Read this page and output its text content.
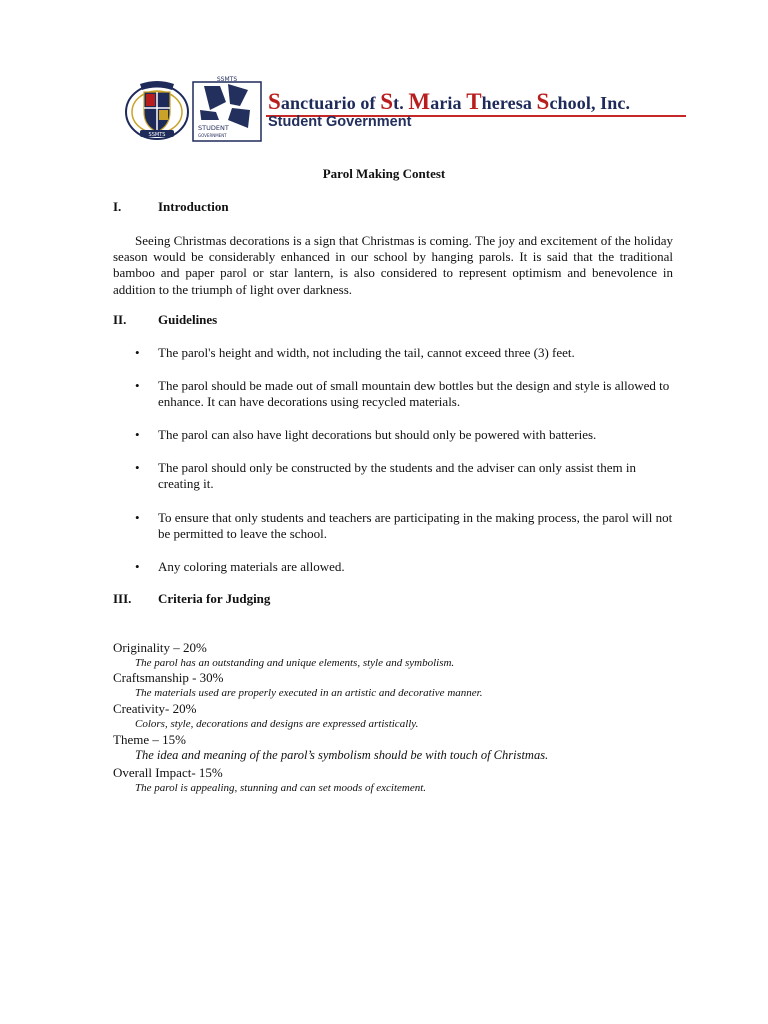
SSMTS
SSMTS
STUDENT
GOVERNMENT
Sanctuario of St. Maria Theresa School, Inc.
Student Government
Parol Making Contest
I.	Introduction

Seeing Christmas decorations is a sign that Christmas is coming. The joy and excitement of the holiday season would be considerably enhanced in our school by hanging parols. It is said that the traditional bamboo and paper parol or star lantern, is also considered to represent optimism and benevolence in addition to the triumph of light over darkness.

II. Guidelines
• The parol's height and width, not including the tail, cannot exceed three (3) feet.
• The parol should be made out of small mountain dew bottles but the design and style is allowed to enhance. It can have decorations using recycled materials.
• The parol can also have light decorations but should only be powered with batteries.
• The parol should only be constructed by the students and the adviser can only assist them in creating it.
• To ensure that only students and teachers are participating in the making process, the parol will not be permitted to leave the school.
• Any coloring materials are allowed.
III. Criteria for Judging
Originality – 20%
The parol has an outstanding and unique elements, style and symbolism.
Craftsmanship - 30%
The materials used are properly executed in an artistic and decorative manner.
Creativity- 20%
Colors, style, decorations and designs are expressed artistically.
Theme – 15%
The idea and meaning of the parol’s symbolism should be with touch of Christmas.
Overall Impact- 15%
The parol is appealing, stunning and can set moods of excitement.
